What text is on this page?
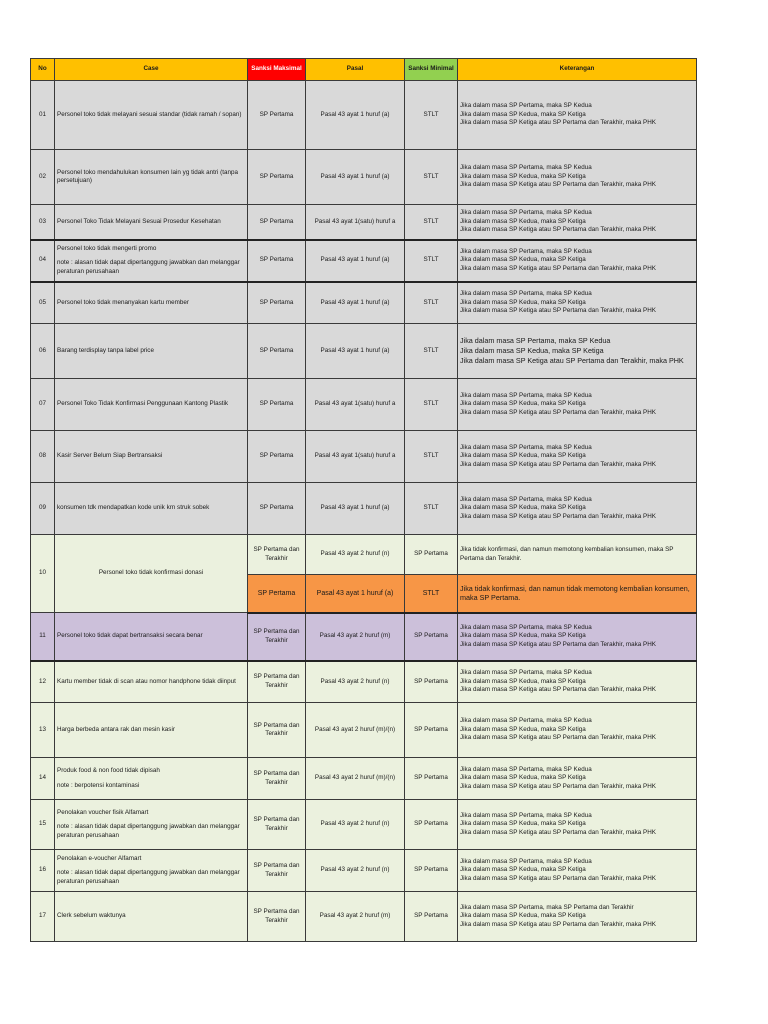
No	Case	Sanksi Maksimal	Pasal	Sanksi Minimal	Keterangan
01	Personel toko tidak melayani sesuai standar (tidak ramah / sopan)	SP Pertama	Pasal 43 ayat 1 huruf (a)	STLT	Jika dalam masa SP Pertama, maka SP Kedua
Jika dalam masa SP Kedua, maka SP Ketiga
Jika dalam masa SP Ketiga atau SP Pertama dan Terakhir, maka PHK

02	Personel toko mendahulukan konsumen lain yg tidak antri (tanpa persetujuan)	SP Pertama	Pasal 43 ayat 1 huruf (a)	STLT	Jika dalam masa SP Pertama, maka SP Kedua
Jika dalam masa SP Kedua, maka SP Ketiga
Jika dalam masa SP Ketiga atau SP Pertama dan Terakhir, maka PHK

03	Personel Toko Tidak Melayani Sesuai Prosedur Kesehatan	SP Pertama	Pasal 43 ayat 1(satu) huruf a	STLT	Jika dalam masa SP Pertama, maka SP Kedua
Jika dalam masa SP Kedua, maka SP Ketiga
Jika dalam masa SP Ketiga atau SP Pertama dan Terakhir, maka PHK

04	Personel toko tidak mengerti promo
note : alasan tidak dapat dipertanggung jawabkan dan melanggar peraturan perusahaan	SP Pertama	Pasal 43 ayat 1 huruf (a)	STLT	Jika dalam masa SP Pertama, maka SP Kedua
Jika dalam masa SP Kedua, maka SP Ketiga
Jika dalam masa SP Ketiga atau SP Pertama dan Terakhir, maka PHK

05	Personel toko tidak menanyakan kartu member	SP Pertama	Pasal 43 ayat 1 huruf (a)	STLT	Jika dalam masa SP Pertama, maka SP Kedua
Jika dalam masa SP Kedua, maka SP Ketiga
Jika dalam masa SP Ketiga atau SP Pertama dan Terakhir, maka PHK

06	Barang terdisplay tanpa label price	SP Pertama	Pasal 43 ayat 1 huruf (a)	STLT	Jika dalam masa SP Pertama, maka SP Kedua
Jika dalam masa SP Kedua, maka SP Ketiga
Jika dalam masa SP Ketiga atau SP Pertama dan Terakhir, maka PHK

07	Personel Toko Tidak Konfirmasi Penggunaan Kantong Plastik	SP Pertama	Pasal 43 ayat 1(satu) huruf a	STLT	Jika dalam masa SP Pertama, maka SP Kedua
Jika dalam masa SP Kedua, maka SP Ketiga
Jika dalam masa SP Ketiga atau SP Pertama dan Terakhir, maka PHK

08	Kasir Server Belum Siap Bertransaksi	SP Pertama	Pasal 43 ayat 1(satu) huruf a	STLT	Jika dalam masa SP Pertama, maka SP Kedua
Jika dalam masa SP Kedua, maka SP Ketiga
Jika dalam masa SP Ketiga atau SP Pertama dan Terakhir, maka PHK

09	konsumen tdk mendapatkan kode unik krn struk sobek	SP Pertama	Pasal 43 ayat 1 huruf (a)	STLT	Jika dalam masa SP Pertama, maka SP Kedua
Jika dalam masa SP Kedua, maka SP Ketiga
Jika dalam masa SP Ketiga atau SP Pertama dan Terakhir, maka PHK

10	Personel toko tidak konfirmasi donasi	SP Pertama dan Terakhir	Pasal 43 ayat 2 huruf (n)	SP Pertama	Jika tidak konfirmasi, dan namun memotong kembalian konsumen, maka SP Pertama dan Terakhir.
		SP Pertama	Pasal 43 ayat 1 huruf (a)	STLT	Jika tidak konfirmasi, dan namun tidak memotong kembalian konsumen, maka SP Pertama.
11	Personel toko tidak dapat bertransaksi secara benar	SP Pertama dan Terakhir	Pasal 43 ayat 2 huruf (m)	SP Pertama	Jika dalam masa SP Pertama, maka SP Kedua
Jika dalam masa SP Kedua, maka SP Ketiga
Jika dalam masa SP Ketiga atau SP Pertama dan Terakhir, maka PHK

12	Kartu member tidak di scan atau nomor handphone tidak diinput	SP Pertama dan Terakhir	Pasal 43 ayat 2 huruf (n)	SP Pertama	Jika dalam masa SP Pertama, maka SP Kedua
Jika dalam masa SP Kedua, maka SP Ketiga
Jika dalam masa SP Ketiga atau SP Pertama dan Terakhir, maka PHK

13	Harga berbeda antara rak dan mesin kasir	SP Pertama dan Terakhir	Pasal 43 ayat 2 huruf (m)/(n)	SP Pertama	Jika dalam masa SP Pertama, maka SP Kedua
Jika dalam masa SP Kedua, maka SP Ketiga
Jika dalam masa SP Ketiga atau SP Pertama dan Terakhir, maka PHK

14	Produk food & non food tidak dipisah
note : berpotensi kontaminasi	SP Pertama dan Terakhir	Pasal 43 ayat 2 huruf (m)/(n)	SP Pertama	Jika dalam masa SP Pertama, maka SP Kedua
Jika dalam masa SP Kedua, maka SP Ketiga
Jika dalam masa SP Ketiga atau SP Pertama dan Terakhir, maka PHK

15	Penolakan voucher fisik Alfamart
note : alasan tidak dapat dipertanggung jawabkan dan melanggar peraturan perusahaan	SP Pertama dan Terakhir	Pasal 43 ayat 2 huruf (n)	SP Pertama	Jika dalam masa SP Pertama, maka SP Kedua
Jika dalam masa SP Kedua, maka SP Ketiga
Jika dalam masa SP Ketiga atau SP Pertama dan Terakhir, maka PHK

16	Penolakan e-voucher Alfamart
note : alasan tidak dapat dipertanggung jawabkan dan melanggar peraturan perusahaan	SP Pertama dan Terakhir	Pasal 43 ayat 2 huruf (n)	SP Pertama	Jika dalam masa SP Pertama, maka SP Kedua
Jika dalam masa SP Kedua, maka SP Ketiga
Jika dalam masa SP Ketiga atau SP Pertama dan Terakhir, maka PHK

17	Clerk sebelum waktunya	SP Pertama dan Terakhir	Pasal 43 ayat 2 huruf (m)	SP Pertama	Jika dalam masa SP Pertama, maka SP Pertama dan Terakhir
Jika dalam masa SP Kedua, maka SP Ketiga
Jika dalam masa SP Ketiga atau SP Pertama dan Terakhir, maka PHK
